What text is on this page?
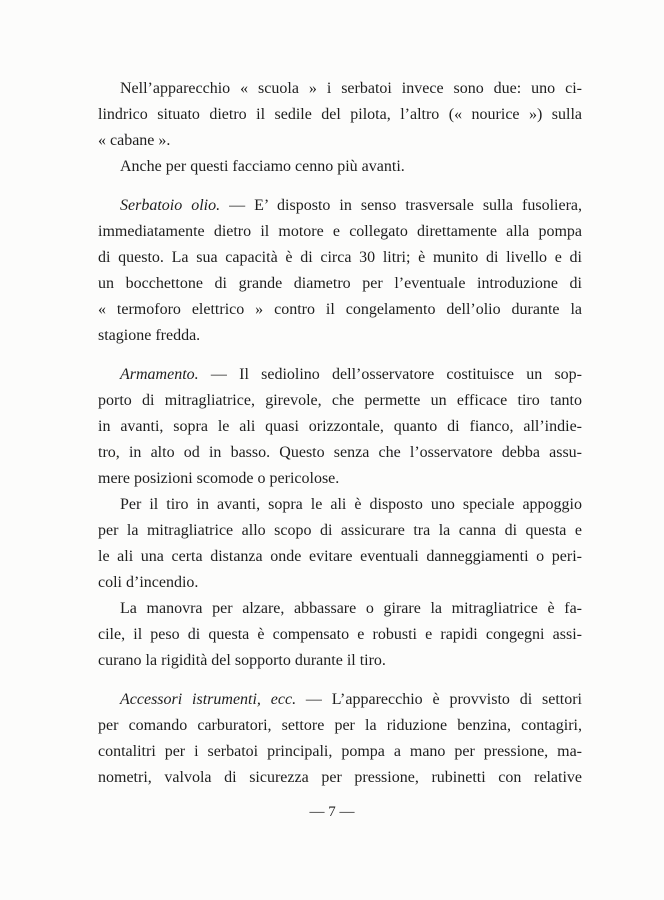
Nell’apparecchio « scuola » i serbatoi invece sono due: uno ci-
lindrico situato dietro il sedile del pilota, l’altro (« nourice ») sulla
« cabane ».

Anche per questi facciamo cenno più avanti.

Serbatoio olio. — E’ disposto in senso trasversale sulla fusoliera,
immediatamente dietro il motore e collegato direttamente alla pompa
di questo. La sua capacità è di circa 30 litri; è munito di livello e di
un bocchettone di grande diametro per l’eventuale introduzione di
« termoforo elettrico » contro il congelamento dell’olio durante la
stagione fredda.

Armamento. — Il sediolino dell’osservatore costituisce un sop-
porto di mitragliatrice, girevole, che permette un efficace tiro tanto
in avanti, sopra le ali quasi orizzontale, quanto di fianco, all’indie-
tro, in alto od in basso. Questo senza che l’osservatore debba assu-
mere posizioni scomode o pericolose.

Per il tiro in avanti, sopra le ali è disposto uno speciale appoggio
per la mitragliatrice allo scopo di assicurare tra la canna di questa e
le ali una certa distanza onde evitare eventuali danneggiamenti o peri-
coli d’incendio.

La manovra per alzare, abbassare o girare la mitragliatrice è fa-
cile, il peso di questa è compensato e robusti e rapidi congegni assi-
curano la rigidità del sopporto durante il tiro.

Accessori istrumenti, ecc. — L’apparecchio è provvisto di settori
per comando carburatori, settore per la riduzione benzina, contagiri,
contalitri per i serbatoi principali, pompa a mano per pressione, ma-
nometri, valvola di sicurezza per pressione, rubinetti con relative

— 7 —
